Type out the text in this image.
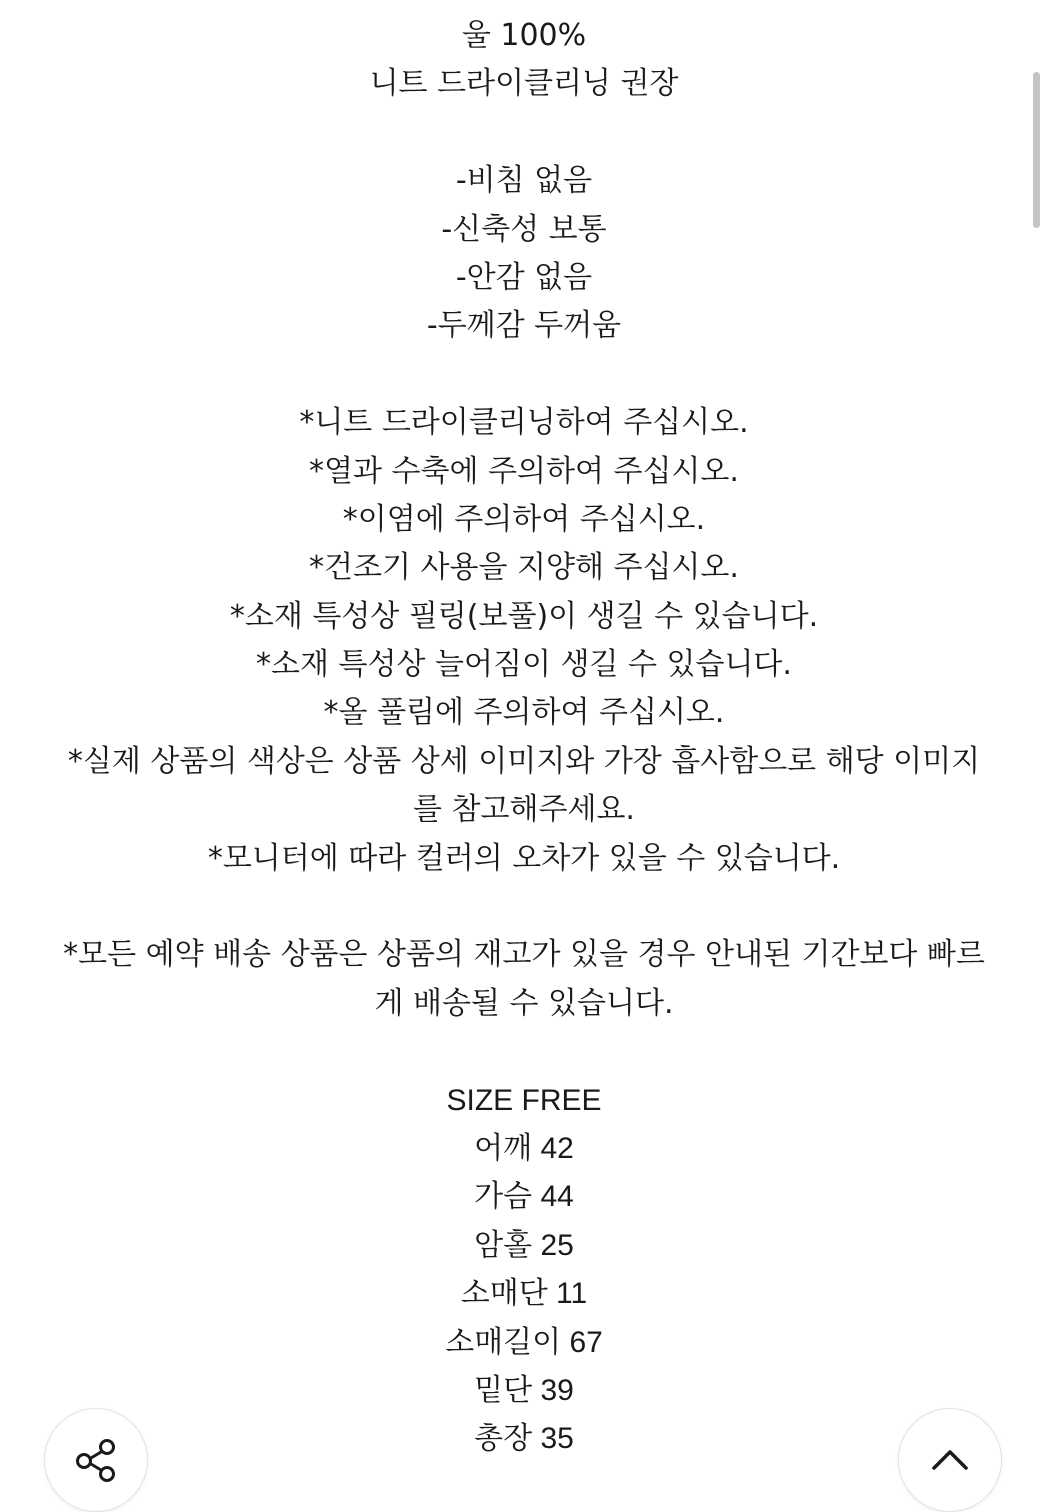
울 100%

니트 드라이클리닝 권장

-비침 없음

-신축성 보통

-안감 없음

-두께감 두꺼움

*니트 드라이클리닝하여 주십시오.

*열과 수축에 주의하여 주십시오.

*이염에 주의하여 주십시오.

*건조기 사용을 지양해 주십시오.

*소재 특성상 필링(보풀)이 생길 수 있습니다.

*소재 특성상 늘어짐이 생길 수 있습니다.

*올 풀림에 주의하여 주십시오.

*실제 상품의 색상은 상품 상세 이미지와 가장 흡사함으로 해당 이미지

를 참고해주세요.

*모니터에 따라 컬러의 오차가 있을 수 있습니다.

*모든 예약 배송 상품은 상품의 재고가 있을 경우 안내된 기간보다 빠르

게 배송될 수 있습니다.

SIZE FREE

어깨 42

가슴 44

암홀 25

소매단 11

소매길이 67

밑단 39

총장 35
